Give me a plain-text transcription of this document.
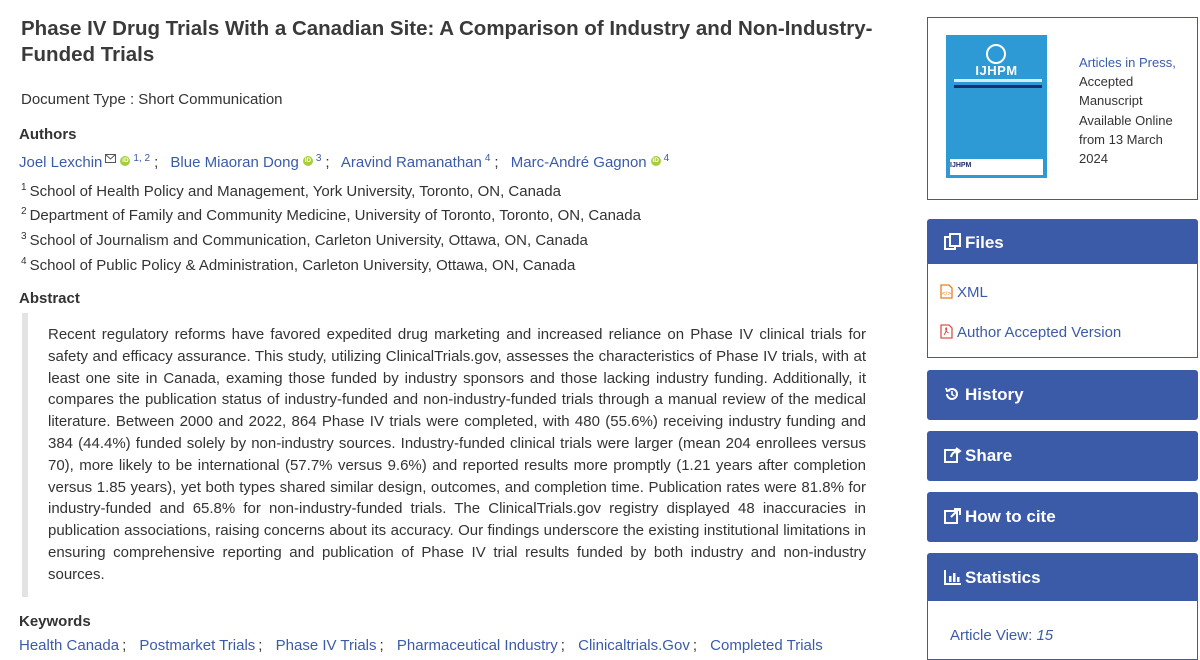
Phase IV Drug Trials With a Canadian Site: A Comparison of Industry and Non-Industry-Funded Trials
Document Type : Short Communication
Authors
Joel Lexchin	iD $^{1, 2}$ ; Blue Miaoran Dong iD $^3$ ; Aravind Ramanathan $^4$ ; Marc-André Gagnon iD $^4$
$^1$ School of Health Policy and Management, York University, Toronto, ON, Canada
$^2$ Department of Family and Community Medicine, University of Toronto, Toronto, ON, Canada
$^3$ School of Journalism and Communication, Carleton University, Ottawa, ON, Canada
$^4$ School of Public Policy & Administration, Carleton University, Ottawa, ON, Canada
Abstract

Recent regulatory reforms have favored expedited drug marketing and increased reliance on Phase IV clinical trials for safety and efficacy assurance. This study, utilizing ClinicalTrials.gov, assesses the characteristics of Phase IV trials, with at least one site in Canada, examing those funded by industry sponsors and those lacking industry funding. Additionally, it compares the publication status of industry-funded and non-industry-funded trials through a manual review of the medical literature. Between 2000 and 2022, 864 Phase IV trials were completed, with 480 (55.6%) receiving industry funding and 384 (44.4%) funded solely by non-industry sources. Industry-funded clinical trials were larger (mean 204 enrollees versus 70), more likely to be international (57.7% versus 9.6%) and reported results more promptly (1.21 years after completion versus 1.85 years), yet both types shared similar design, outcomes, and completion time. Publication rates were 81.8% for industry-funded and 65.8% for non-industry-funded trials. The ClinicalTrials.gov registry displayed 48 inaccuracies in publication associations, raising concerns about its accuracy. Our findings underscore the existing institutional limitations in ensuring comprehensive reporting and publication of Phase IV trial results funded by both industry and non-industry sources.

Keywords
Health Canada ; Postmarket Trials ; Phase IV Trials ; Pharmaceutical Industry ; Clinicaltrials.Gov ; Completed Trials
IJHPM
IJHPM
Articles in Press, Accepted Manuscript Available Online from 13 March 2024
Files
</> XML
Author Accepted Version
History
Share
How to cite
Statistics
Article View: 15
